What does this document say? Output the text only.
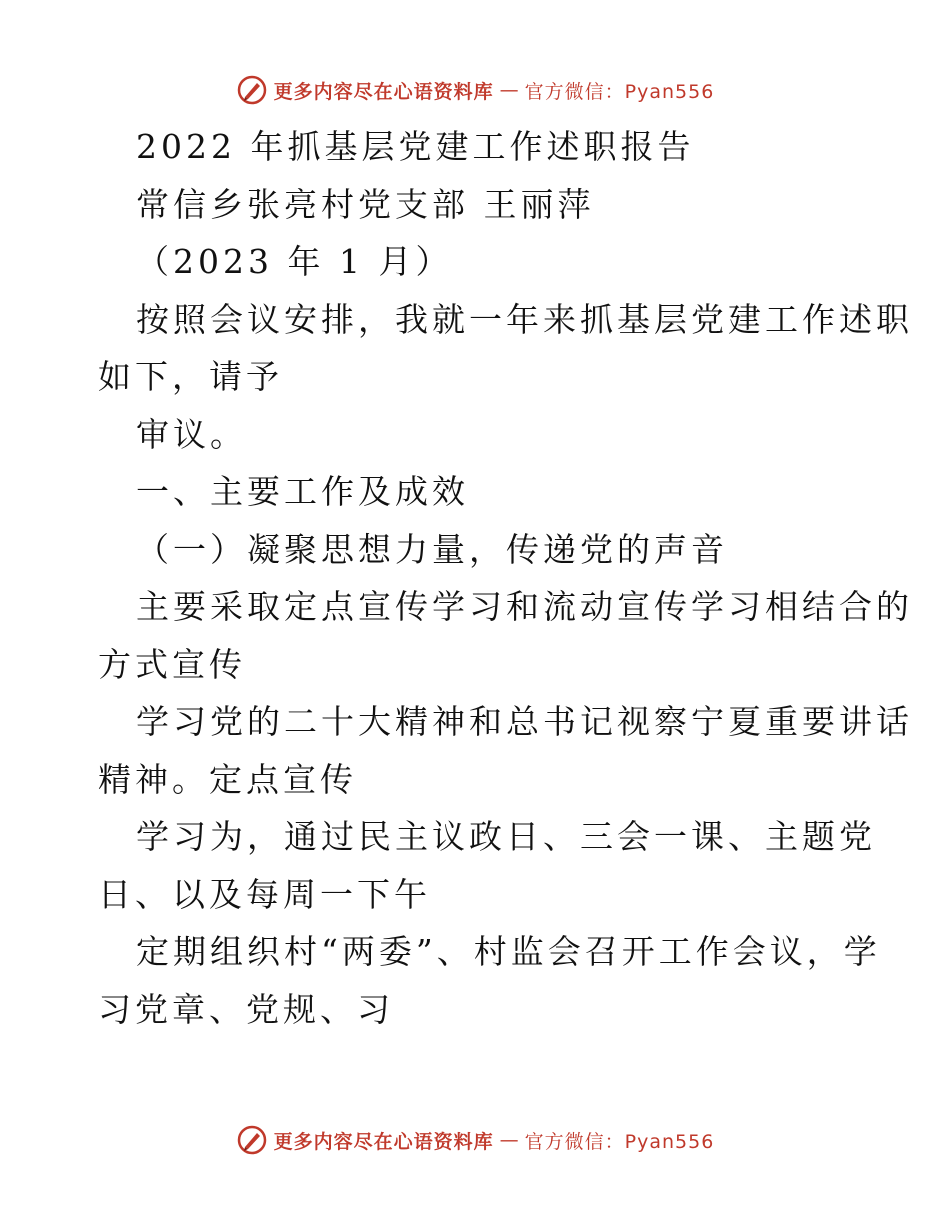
更多内容尽在心语资料库 — 官方微信：Pyan556
2022 年抓基层党建工作述职报告
常信乡张亮村党支部 王丽萍
（2023 年 1 月）
按照会议安排，我就一年来抓基层党建工作述职
如下，请予
审议。
一、主要工作及成效
（一）凝聚思想力量，传递党的声音
主要采取定点宣传学习和流动宣传学习相结合的
方式宣传
学习党的二十大精神和总书记视察宁夏重要讲话
精神。定点宣传
学习为，通过民主议政日、三会一课、主题党
日、以及每周一下午
定期组织村“两委”、村监会召开工作会议，学
习党章、党规、习
更多内容尽在心语资料库 — 官方微信：Pyan556
